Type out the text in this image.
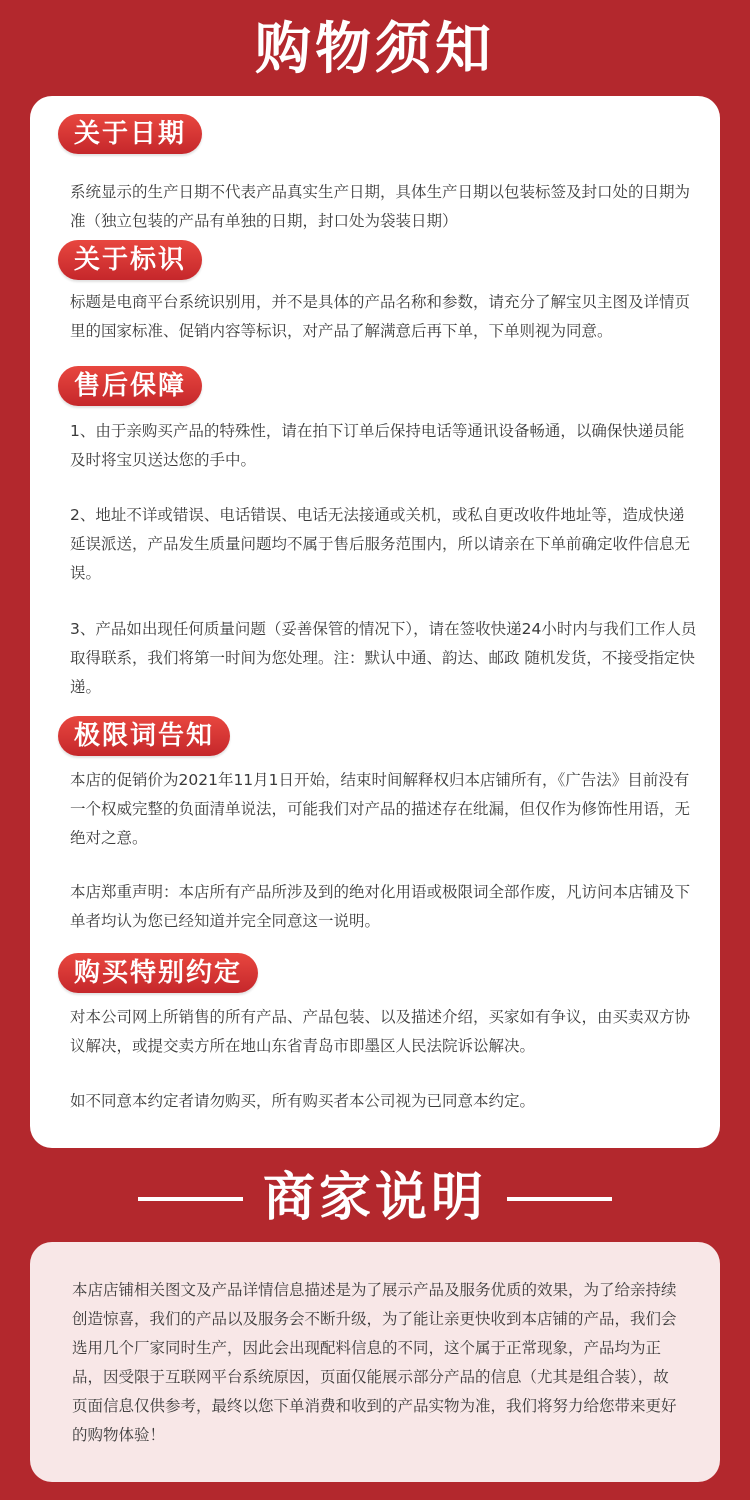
购物须知
关于日期

系统显示的生产日期不代表产品真实生产日期，具体生产日期以包装标签及封口处的日期为准（独立包装的产品有单独的日期，封口处为袋装日期）

关于标识

标题是电商平台系统识别用，并不是具体的产品名称和参数，请充分了解宝贝主图及详情页里的国家标准、促销内容等标识，对产品了解满意后再下单，下单则视为同意。

售后保障

1、由于亲购买产品的特殊性，请在拍下订单后保持电话等通讯设备畅通，以确保快递员能及时将宝贝送达您的手中。

2、地址不详或错误、电话错误、电话无法接通或关机，或私自更改收件地址等，造成快递延误派送，产品发生质量问题均不属于售后服务范围内，所以请亲在下单前确定收件信息无误。

3、产品如出现任何质量问题（妥善保管的情况下），请在签收快递24小时内与我们工作人员取得联系，我们将第一时间为您处理。注：默认中通、韵达、邮政 随机发货，不接受指定快递。

极限词告知

本店的促销价为2021年11月1日开始，结束时间解释权归本店铺所有，《广告法》目前没有一个权威完整的负面清单说法，可能我们对产品的描述存在纰漏，但仅作为修饰性用语，无绝对之意。

本店郑重声明：本店所有产品所涉及到的绝对化用语或极限词全部作废，凡访问本店铺及下单者均认为您已经知道并完全同意这一说明。

购买特别约定

对本公司网上所销售的所有产品、产品包装、以及描述介绍，买家如有争议，由买卖双方协议解决，或提交卖方所在地山东省青岛市即墨区人民法院诉讼解决。

如不同意本约定者请勿购买，所有购买者本公司视为已同意本约定。

商家说明

本店店铺相关图文及产品详情信息描述是为了展示产品及服务优质的效果，为了给亲持续创造惊喜，我们的产品以及服务会不断升级，为了能让亲更快收到本店铺的产品，我们会选用几个厂家同时生产，因此会出现配料信息的不同，这个属于正常现象，产品均为正品，因受限于互联网平台系统原因，页面仅能展示部分产品的信息（尤其是组合装），故页面信息仅供参考，最终以您下单消费和收到的产品实物为准，我们将努力给您带来更好的购物体验！
